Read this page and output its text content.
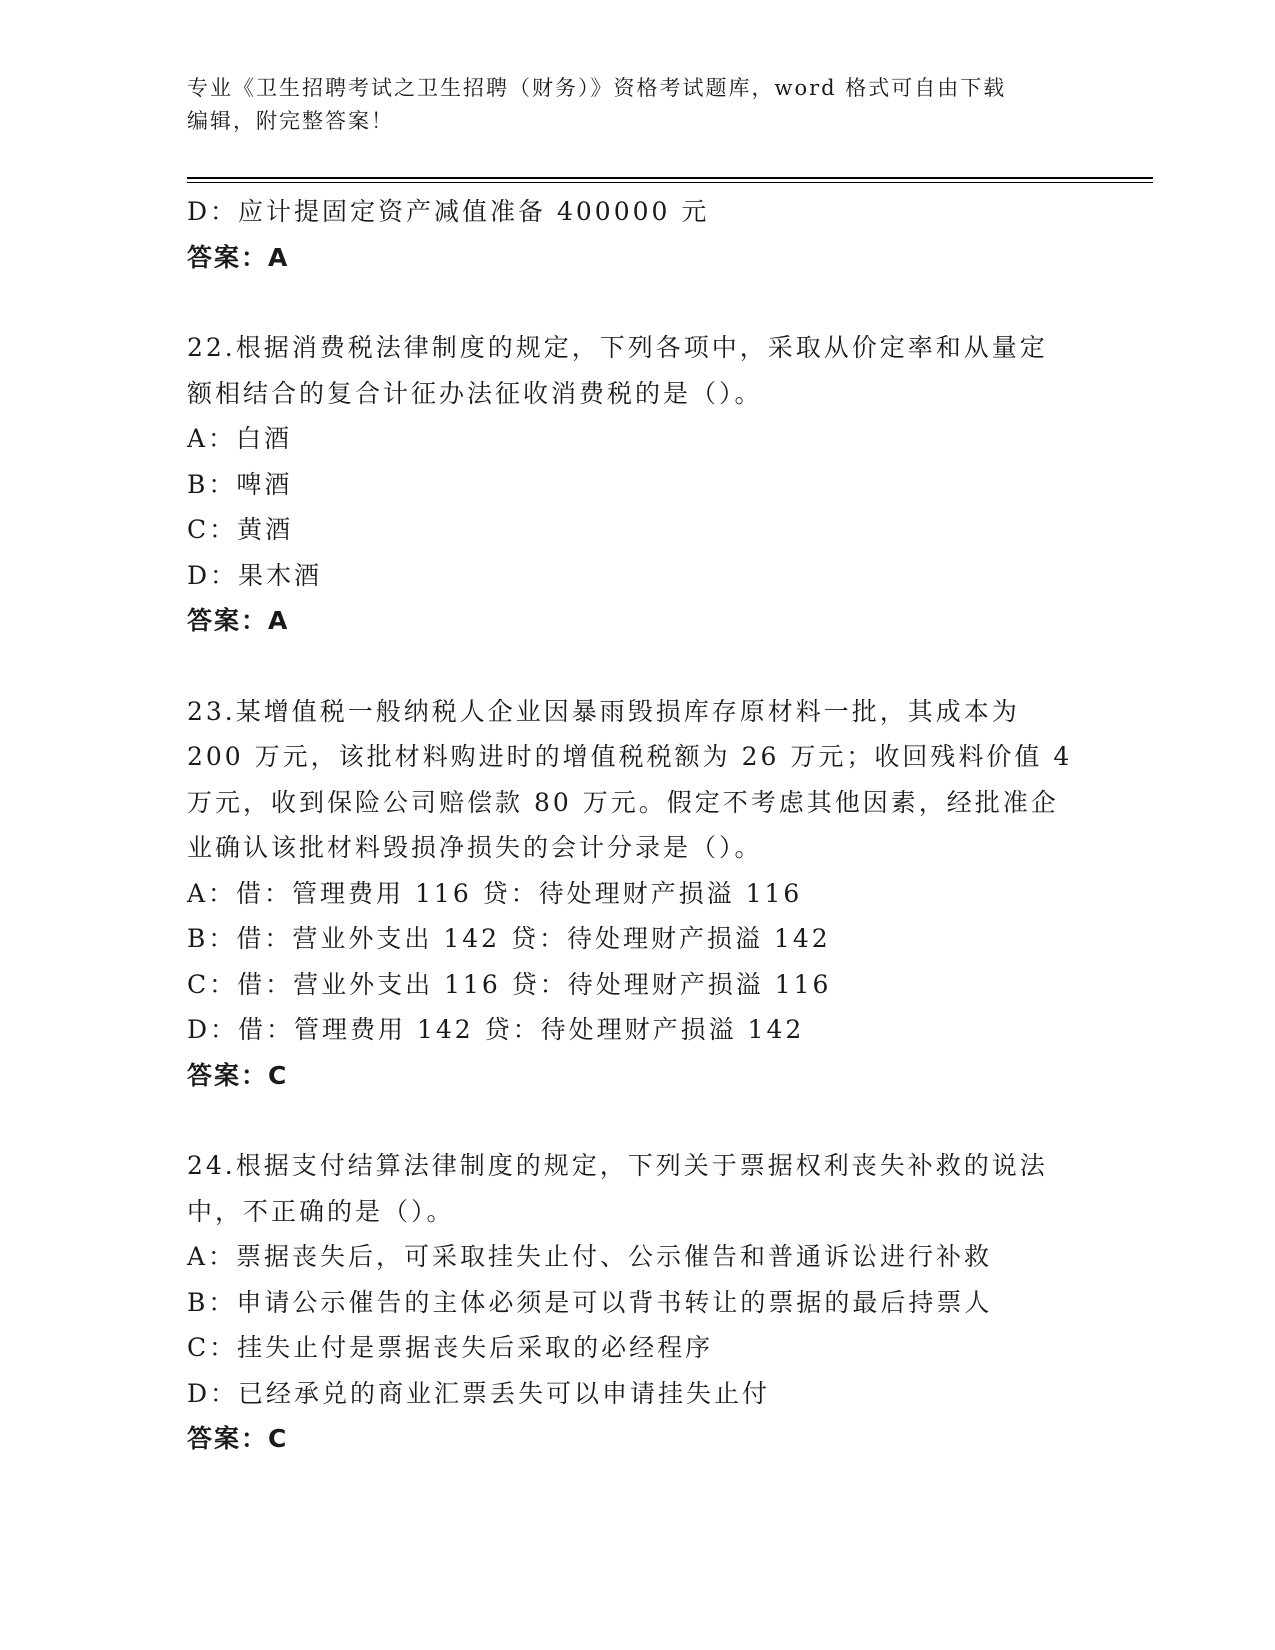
专业《卫生招聘考试之卫生招聘（财务）》资格考试题库，word 格式可自由下载
编辑，附完整答案！
D：应计提固定资产减值准备 400000 元
答案：A
22.根据消费税法律制度的规定，下列各项中，采取从价定率和从量定
额相结合的复合计征办法征收消费税的是（）。
A：白酒
B：啤酒
C：黄酒
D：果木酒
答案：A
23.某增值税一般纳税人企业因暴雨毁损库存原材料一批，其成本为
200 万元，该批材料购进时的增值税税额为 26 万元；收回残料价值 4
万元，收到保险公司赔偿款 80 万元。假定不考虑其他因素，经批准企
业确认该批材料毁损净损失的会计分录是（）。
A：借：管理费用 116 贷：待处理财产损溢 116
B：借：营业外支出 142 贷：待处理财产损溢 142
C：借：营业外支出 116 贷：待处理财产损溢 116
D：借：管理费用 142 贷：待处理财产损溢 142
答案：C
24.根据支付结算法律制度的规定，下列关于票据权利丧失补救的说法
中，不正确的是（）。
A：票据丧失后，可采取挂失止付、公示催告和普通诉讼进行补救
B：申请公示催告的主体必须是可以背书转让的票据的最后持票人
C：挂失止付是票据丧失后采取的必经程序
D：已经承兑的商业汇票丢失可以申请挂失止付
答案：C
